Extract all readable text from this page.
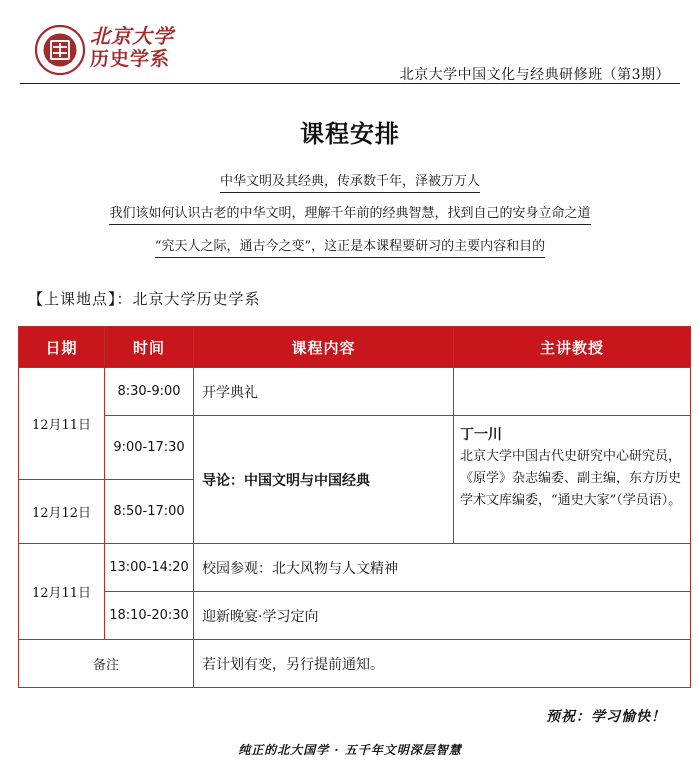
北京大学
历史学系
北京大学中国文化与经典研修班（第3期）
课程安排
中华文明及其经典，传承数千年，泽被万万人
我们该如何认识古老的中华文明，理解千年前的经典智慧，找到自己的安身立命之道
“究天人之际，通古今之变”，这正是本课程要研习的主要内容和目的
【上课地点】：北京大学历史学系
日期	时间	课程内容	主讲教授
12月11日	8:30-9:00	开学典礼	
	9:00-17:30	导论：中国文明与中国经典	丁一川
北京大学中国古代史研究中心研究员，《原学》杂志编委、副主编，东方历史学术文库编委，“通史大家”（学员语）。

12月12日	8:50-17:00		
12月11日	13:00-14:20	校园参观：北大风物与人文精神	
	18:10-20:30	迎新晚宴·学习定向	
备注		若计划有变，另行提前通知。	
预祝：学习愉快！
纯正的北大国学 · 五千年文明深层智慧
